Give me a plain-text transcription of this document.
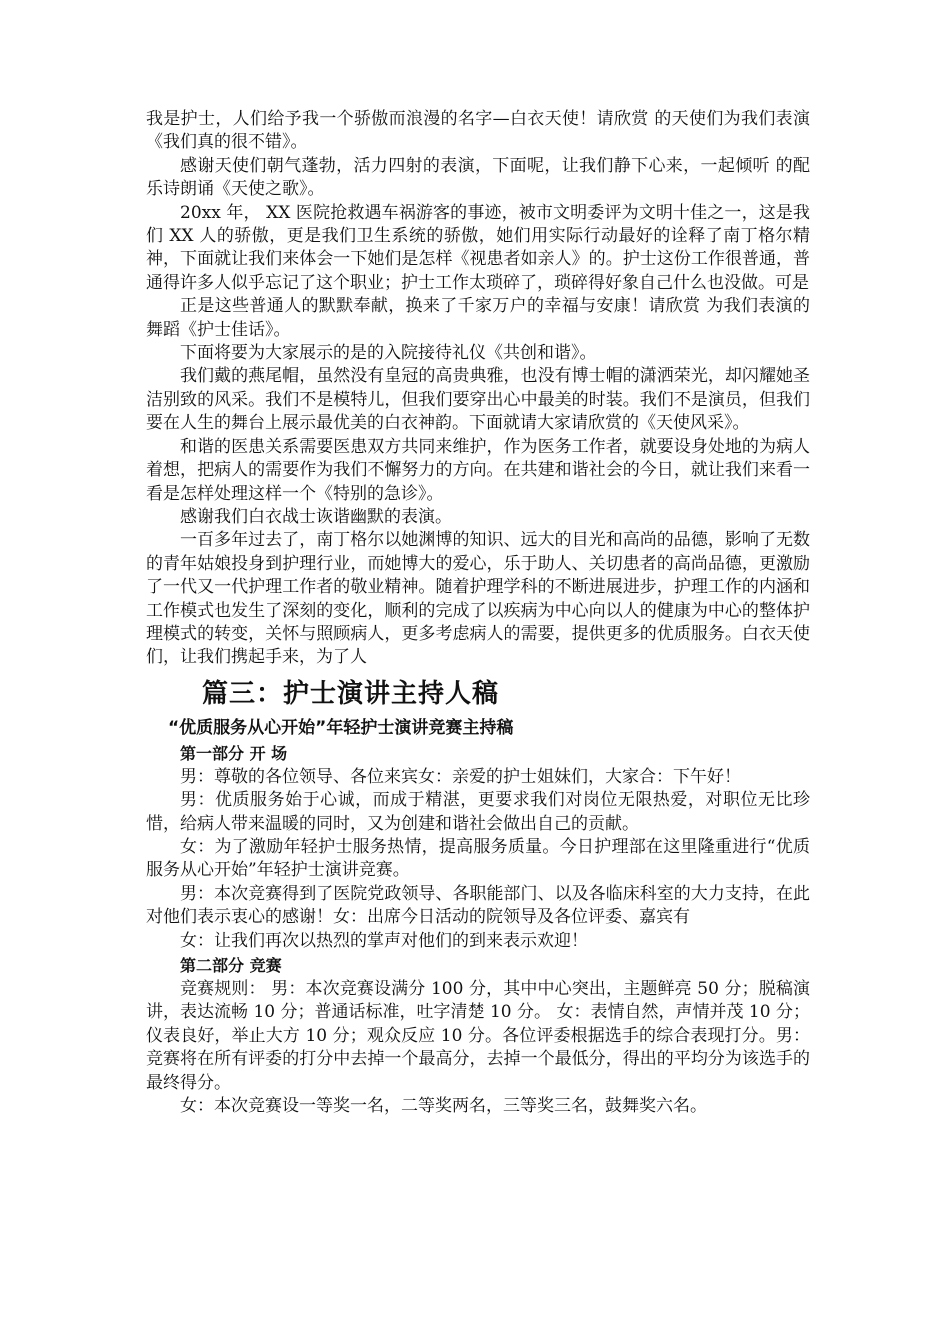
我是护士，人们给予我一个骄傲而浪漫的名字—白衣天使！请欣赏 的天使们为我们表演《我们真的很不错》。

感谢天使们朝气蓬勃，活力四射的表演，下面呢，让我们静下心来，一起倾听 的配乐诗朗诵《天使之歌》。

20xx 年， XX 医院抢救遇车祸游客的事迹，被市文明委评为文明十佳之一，这是我们 XX 人的骄傲，更是我们卫生系统的骄傲，她们用实际行动最好的诠释了南丁格尔精神，下面就让我们来体会一下她们是怎样《视患者如亲人》的。护士这份工作很普通，普通得许多人似乎忘记了这个职业；护士工作太琐碎了，琐碎得好象自己什么也没做。可是

正是这些普通人的默默奉献，换来了千家万户的幸福与安康！请欣赏 为我们表演的舞蹈《护士佳话》。

下面将要为大家展示的是的入院接待礼仪《共创和谐》。

我们戴的燕尾帽，虽然没有皇冠的高贵典雅，也没有博士帽的潇洒荣光，却闪耀她圣洁别致的风采。我们不是模特儿，但我们要穿出心中最美的时装。我们不是演员，但我们要在人生的舞台上展示最优美的白衣神韵。下面就请大家请欣赏的《天使风采》。

和谐的医患关系需要医患双方共同来维护，作为医务工作者，就要设身处地的为病人着想，把病人的需要作为我们不懈努力的方向。在共建和谐社会的今日，就让我们来看一看是怎样处理这样一个《特别的急诊》。

感谢我们白衣战士诙谐幽默的表演。

一百多年过去了，南丁格尔以她渊博的知识、远大的目光和高尚的品德，影响了无数的青年姑娘投身到护理行业，而她博大的爱心，乐于助人、关切患者的高尚品德，更激励了一代又一代护理工作者的敬业精神。随着护理学科的不断进展进步，护理工作的内涵和工作模式也发生了深刻的变化，顺利的完成了以疾病为中心向以人的健康为中心的整体护理模式的转变，关怀与照顾病人，更多考虑病人的需要，提供更多的优质服务。白衣天使们，让我们携起手来，为了人

篇三：护士演讲主持人稿

“优质服务从心开始”年轻护士演讲竞赛主持稿

第一部分 开 场

男：尊敬的各位领导、各位来宾女：亲爱的护士姐妹们，大家合：下午好！

男：优质服务始于心诚，而成于精湛，更要求我们对岗位无限热爱，对职位无比珍惜，给病人带来温暖的同时，又为创建和谐社会做出自己的贡献。

女：为了激励年轻护士服务热情，提高服务质量。今日护理部在这里隆重进行“优质服务从心开始”年轻护士演讲竞赛。

男：本次竞赛得到了医院党政领导、各职能部门、以及各临床科室的大力支持，在此对他们表示衷心的感谢！女：出席今日活动的院领导及各位评委、嘉宾有

女：让我们再次以热烈的掌声对他们的到来表示欢迎！

第二部分 竞赛

竞赛规则： 男：本次竞赛设满分 100 分，其中中心突出，主题鲜亮 50 分；脱稿演讲，表达流畅 10 分；普通话标准，吐字清楚 10 分。 女：表情自然，声情并茂 10 分；仪表良好，举止大方 10 分；观众反应 10 分。各位评委根据选手的综合表现打分。男：竞赛将在所有评委的打分中去掉一个最高分，去掉一个最低分，得出的平均分为该选手的最终得分。

女：本次竞赛设一等奖一名，二等奖两名，三等奖三名，鼓舞奖六名。
